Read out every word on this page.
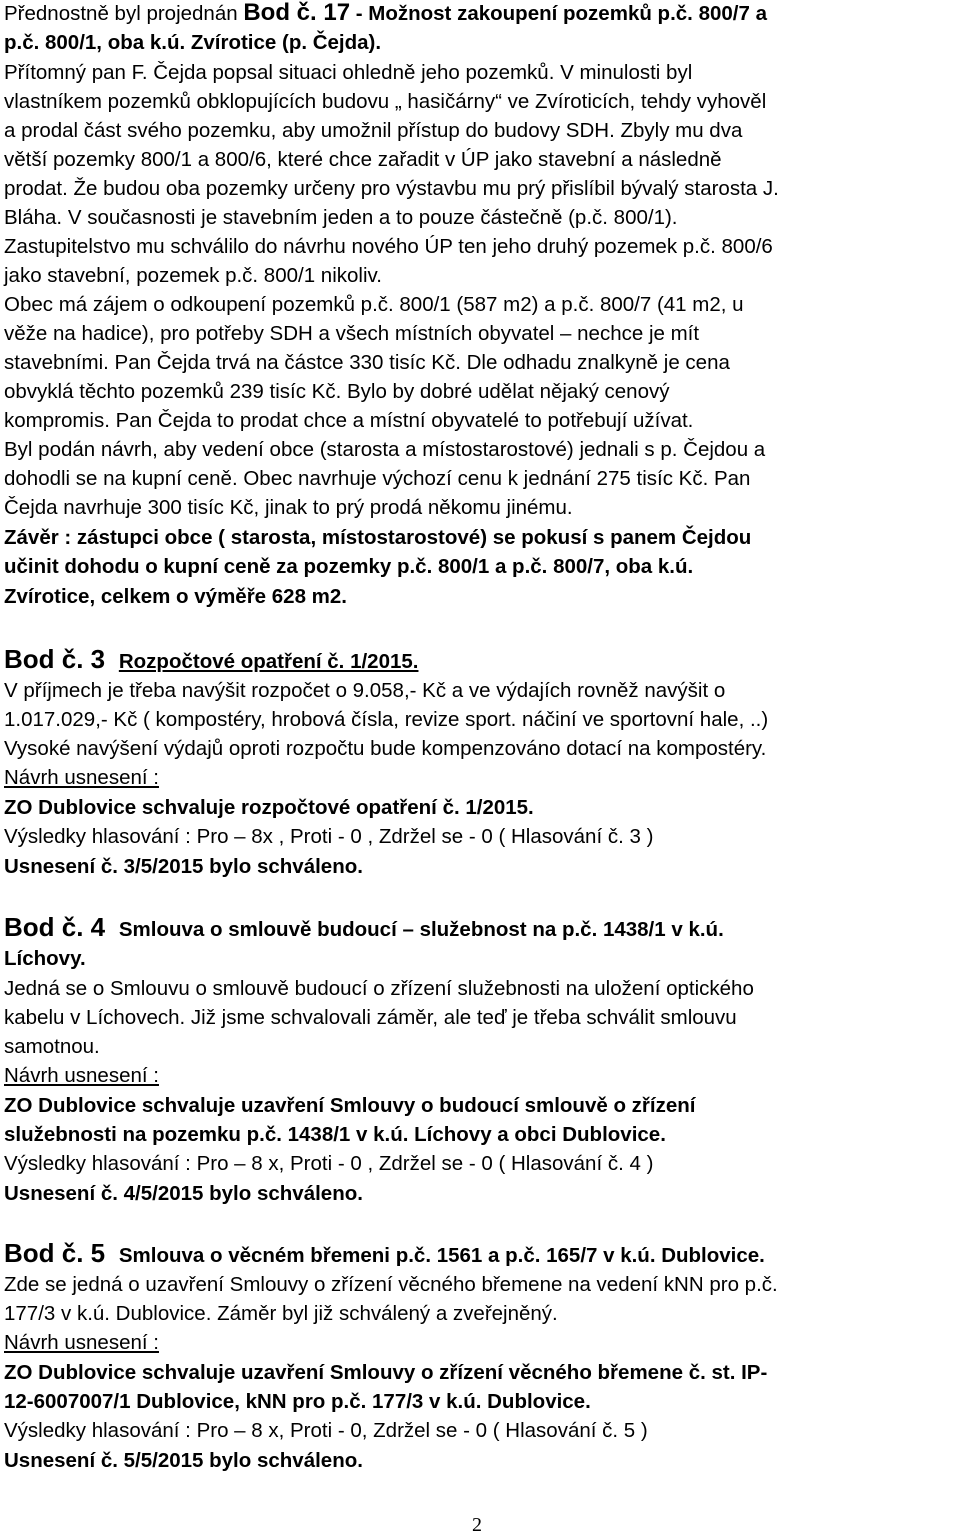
Přednostně byl projednán Bod č. 17 - Možnost zakoupení pozemků p.č. 800/7 a
p.č. 800/1, oba k.ú. Zvírotice (p. Čejda).
Přítomný pan F. Čejda popsal situaci ohledně jeho pozemků. V minulosti byl
vlastníkem pozemků obklopujících budovu „ hasičárny“ ve Zvíroticích, tehdy vyhověl
a prodal část svého pozemku, aby umožnil přístup do budovy SDH. Zbyly mu dva
větší pozemky 800/1 a 800/6, které chce zařadit v ÚP jako stavební a následně
prodat. Že budou oba pozemky určeny pro výstavbu mu prý přislíbil bývalý starosta J.
Bláha. V současnosti je stavebním jeden a to pouze částečně (p.č. 800/1).
Zastupitelstvo mu schválilo do návrhu nového ÚP ten jeho druhý pozemek p.č. 800/6
jako stavební, pozemek p.č. 800/1 nikoliv.
Obec má zájem o odkoupení pozemků p.č. 800/1 (587 m2) a p.č. 800/7 (41 m2, u
věže na hadice), pro potřeby SDH a všech místních obyvatel – nechce je mít
stavebními. Pan Čejda trvá na částce 330 tisíc Kč. Dle odhadu znalkyně je cena
obvyklá těchto pozemků 239 tisíc Kč. Bylo by dobré udělat nějaký cenový
kompromis. Pan Čejda to prodat chce a místní obyvatelé to potřebují užívat.
Byl podán návrh, aby vedení obce (starosta a místostarostové) jednali s p. Čejdou a
dohodli se na kupní ceně. Obec navrhuje výchozí cenu k jednání 275 tisíc Kč. Pan
Čejda navrhuje 300 tisíc Kč, jinak to prý prodá někomu jinému.
Závěr : zástupci obce ( starosta, místostarostové) se pokusí s panem Čejdou
učinit dohodu o kupní ceně za pozemky p.č. 800/1 a p.č. 800/7, oba k.ú.
Zvírotice, celkem o výměře 628 m2.
Bod č. 3 Rozpočtové opatření č. 1/2015.
V příjmech je třeba navýšit rozpočet o 9.058,- Kč a ve výdajích rovněž navýšit o
1.017.029,- Kč ( kompostéry, hrobová čísla, revize sport. náčiní ve sportovní hale, ..)
Vysoké navýšení výdajů oproti rozpočtu bude kompenzováno dotací na kompostéry.
Návrh usnesení :
ZO Dublovice schvaluje rozpočtové opatření č. 1/2015.
Výsledky hlasování : Pro – 8x , Proti - 0 , Zdržel se - 0 ( Hlasování č. 3 )
Usnesení č. 3/5/2015 bylo schváleno.
Bod č. 4 Smlouva o smlouvě budoucí – služebnost na p.č. 1438/1 v k.ú.
Líchovy.
Jedná se o Smlouvu o smlouvě budoucí o zřízení služebnosti na uložení optického
kabelu v Líchovech. Již jsme schvalovali záměr, ale teď je třeba schválit smlouvu
samotnou.
Návrh usnesení :
ZO Dublovice schvaluje uzavření Smlouvy o budoucí smlouvě o zřízení
služebnosti na pozemku p.č. 1438/1 v k.ú. Líchovy a obci Dublovice.
Výsledky hlasování : Pro – 8 x, Proti - 0 , Zdržel se - 0 ( Hlasování č. 4 )
Usnesení č. 4/5/2015 bylo schváleno.
Bod č. 5 Smlouva o věcném břemeni p.č. 1561 a p.č. 165/7 v k.ú. Dublovice.
Zde se jedná o uzavření Smlouvy o zřízení věcného břemene na vedení kNN pro p.č.
177/3 v k.ú. Dublovice. Záměr byl již schválený a zveřejněný.
Návrh usnesení :
ZO Dublovice schvaluje uzavření Smlouvy o zřízení věcného břemene č. st. IP-
12-6007007/1 Dublovice, kNN pro p.č. 177/3 v k.ú. Dublovice.
Výsledky hlasování : Pro – 8 x, Proti - 0, Zdržel se - 0 ( Hlasování č. 5 )
Usnesení č. 5/5/2015 bylo schváleno.
2
